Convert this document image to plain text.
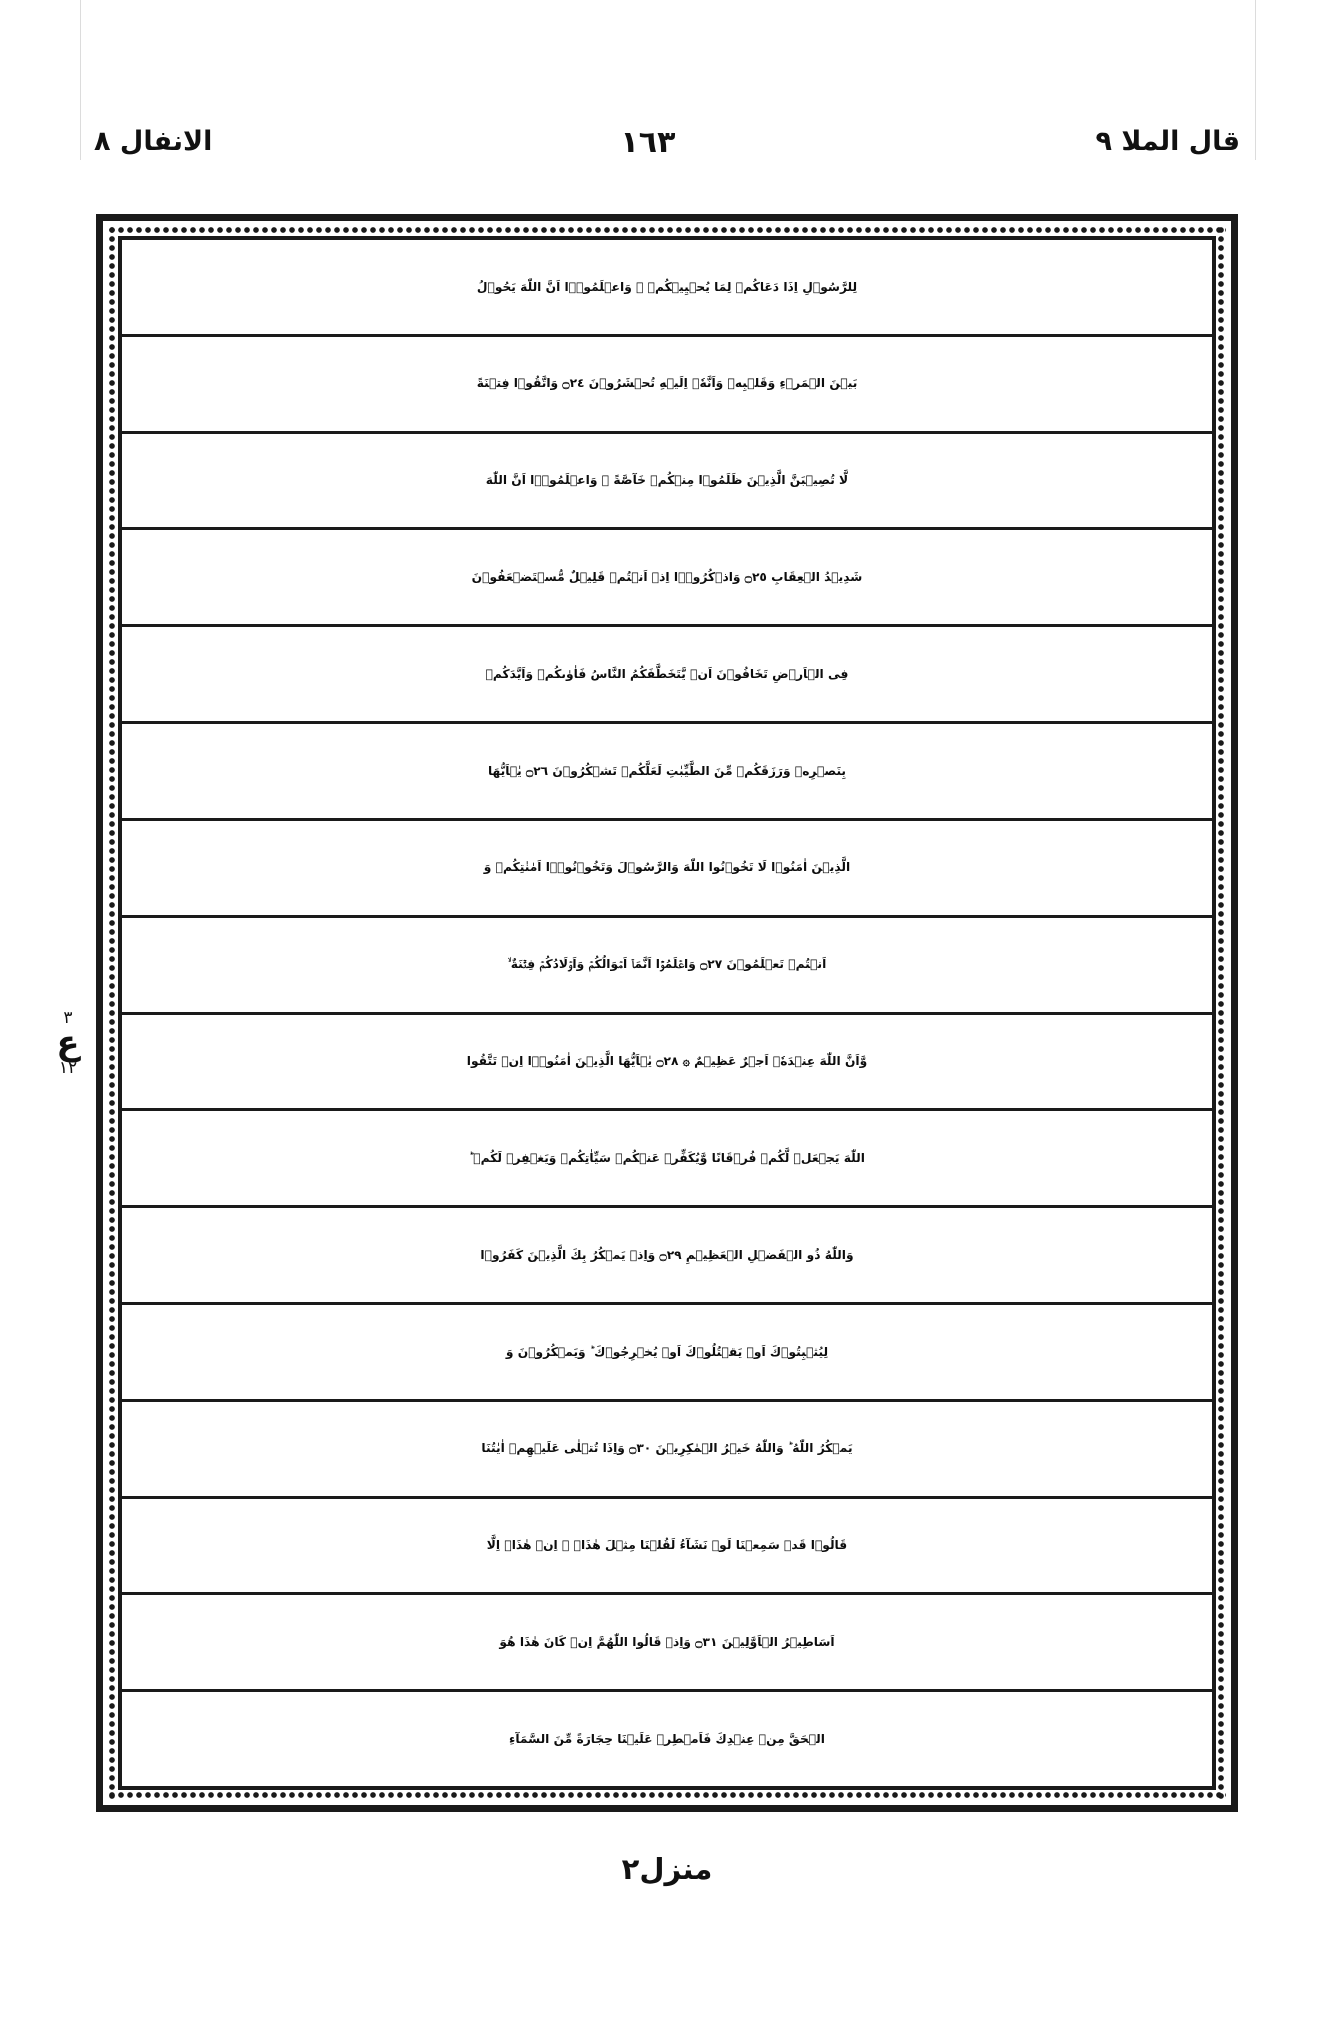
قال الملا ٩
١٦٣
الانفال ٨
٣
ع
١٢
لِلرَّسُوۡلِ اِذَا دَعَاكُمۡ لِمَا يُحۡيِيۡكُمۡ ۚ وَاعۡلَمُوۡۤا اَنَّ اللّٰهَ يَحُوۡلُ
بَيۡنَ الۡمَرۡءِ وَقَلۡبِهٖ وَاَنَّهٗۤ اِلَيۡهِ تُحۡشَرُوۡنَ ۝٢٤ وَاتَّقُوۡا فِتۡنَةً
لَّا تُصِيۡبَنَّ الَّذِيۡنَ ظَلَمُوۡا مِنۡكُمۡ خَآصَّةً ۚ وَاعۡلَمُوۡۤا اَنَّ اللّٰهَ
شَدِيۡدُ الۡعِقَابِ ۝٢٥ وَاذۡكُرُوۡۤا اِذۡ اَنۡتُمۡ قَلِيۡلٌ مُّسۡتَضۡعَفُوۡنَ
فِى الۡاَرۡضِ تَخَافُوۡنَ اَنۡ يَّتَخَطَّفَكُمُ النَّاسُ فَاٰوٰىكُمۡ وَاَيَّدَكُمۡ
بِنَصۡرِهٖ وَرَزَقَكُمۡ مِّنَ الطَّيِّبٰتِ لَعَلَّكُمۡ تَشۡكُرُوۡنَ ۝٢٦ يٰۤاَيُّهَا
الَّذِيۡنَ اٰمَنُوۡا لَا تَخُوۡنُوا اللّٰهَ وَالرَّسُوۡلَ وَتَخُوۡنُوۡۤا اَمٰنٰتِكُمۡ وَ
اَنۡتُمۡ تَعۡلَمُوۡنَ ۝٢٧ وَاعۡلَمُوۡۤا اَنَّمَاۤ اَمۡوَالُكُمۡ وَاَوۡلَادُكُمۡ فِتۡنَةٌ ۙ
وَّاَنَّ اللّٰهَ عِنۡدَهٗۤ اَجۡرٌ عَظِيۡمٌ ۞ ۝٢٨ يٰۤاَيُّهَا الَّذِيۡنَ اٰمَنُوۡۤا اِنۡ تَتَّقُوا
اللّٰهَ يَجۡعَلۡ لَّكُمۡ فُرۡقَانًا وَّيُكَفِّرۡ عَنۡكُمۡ سَيِّاٰتِكُمۡ وَيَغۡفِرۡ لَكُمۡ ؕ
وَاللّٰهُ ذُو الۡفَضۡلِ الۡعَظِيۡمِ ۝٢٩ وَاِذۡ يَمۡكُرُ بِكَ الَّذِيۡنَ كَفَرُوۡا
لِيُثۡبِتُوۡكَ اَوۡ يَقۡتُلُوۡكَ اَوۡ يُخۡرِجُوۡكَ ؕ وَيَمۡكُرُوۡنَ وَ
يَمۡكُرُ اللّٰهُ ؕ وَاللّٰهُ خَيۡرُ الۡمٰكِرِيۡنَ ۝٣٠ وَاِذَا تُتۡلٰى عَلَيۡهِمۡ اٰيٰتُنَا
قَالُوۡا قَدۡ سَمِعۡنَا لَوۡ نَشَآءُ لَقُلۡنَا مِثۡلَ هٰذَاۤ ۙ اِنۡ هٰذَاۤ اِلَّا
اَسَاطِيۡرُ الۡاَوَّلِيۡنَ ۝٣١ وَاِذۡ قَالُوا اللّٰهُمَّ اِنۡ كَانَ هٰذَا هُوَ
الۡحَقَّ مِنۡ عِنۡدِكَ فَاَمۡطِرۡ عَلَيۡنَا حِجَارَةً مِّنَ السَّمَآءِ
منزل٢
